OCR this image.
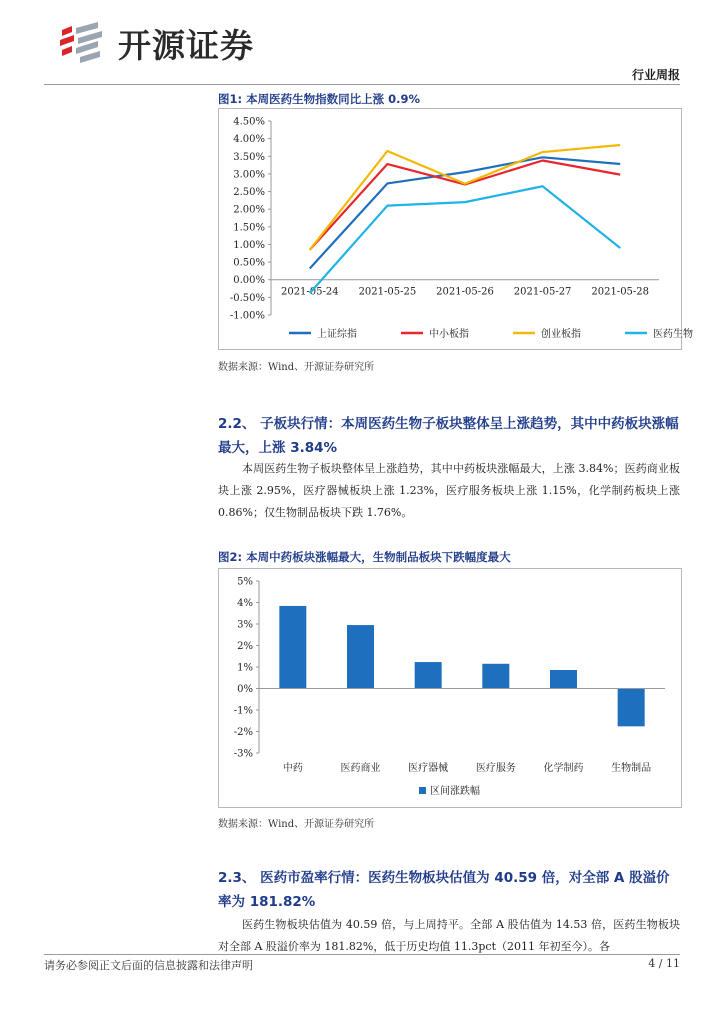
开源证券
行业周报
图1: 本周医药生物指数同比上涨 0.9%
4.50%
4.00%
3.50%
3.00%
2.50%
2.00%
1.50%
1.00%
0.50%
0.00%
-0.50%
-1.00%
2021-05-24 2021-05-25 2021-05-26 2021-05-27 2021-05-28
上证综指	中小板指	创业板指	医药生物
数据来源：Wind、开源证券研究所
2.2、 子板块行情：本周医药生物子板块整体呈上涨趋势，其中中药板块涨幅最大，上涨 3.84%
本周医药生物子板块整体呈上涨趋势，其中中药板块涨幅最大，上涨 3.84%；医药商业板块上涨 2.95%，医疗器械板块上涨 1.23%，医疗服务板块上涨 1.15%，化学制药板块上涨 0.86%；仅生物制品板块下跌 1.76%。
图2: 本周中药板块涨幅最大，生物制品板块下跌幅度最大
5%
4%
3%
2%
1%
0%
-1%
-2%
-3%
中药	医药商业	医疗器械	医疗服务	化学制药	生物制品
区间涨跌幅
数据来源：Wind、开源证券研究所
2.3、 医药市盈率行情：医药生物板块估值为 40.59 倍，对全部 A 股溢价率为 181.82%
医药生物板块估值为 40.59 倍，与上周持平。全部 A 股估值为 14.53 倍，医药生物板块对全部 A 股溢价率为 181.82%，低于历史均值 11.3pct（2011 年初至今）。各
请务必参阅正文后面的信息披露和法律声明	4 / 11
